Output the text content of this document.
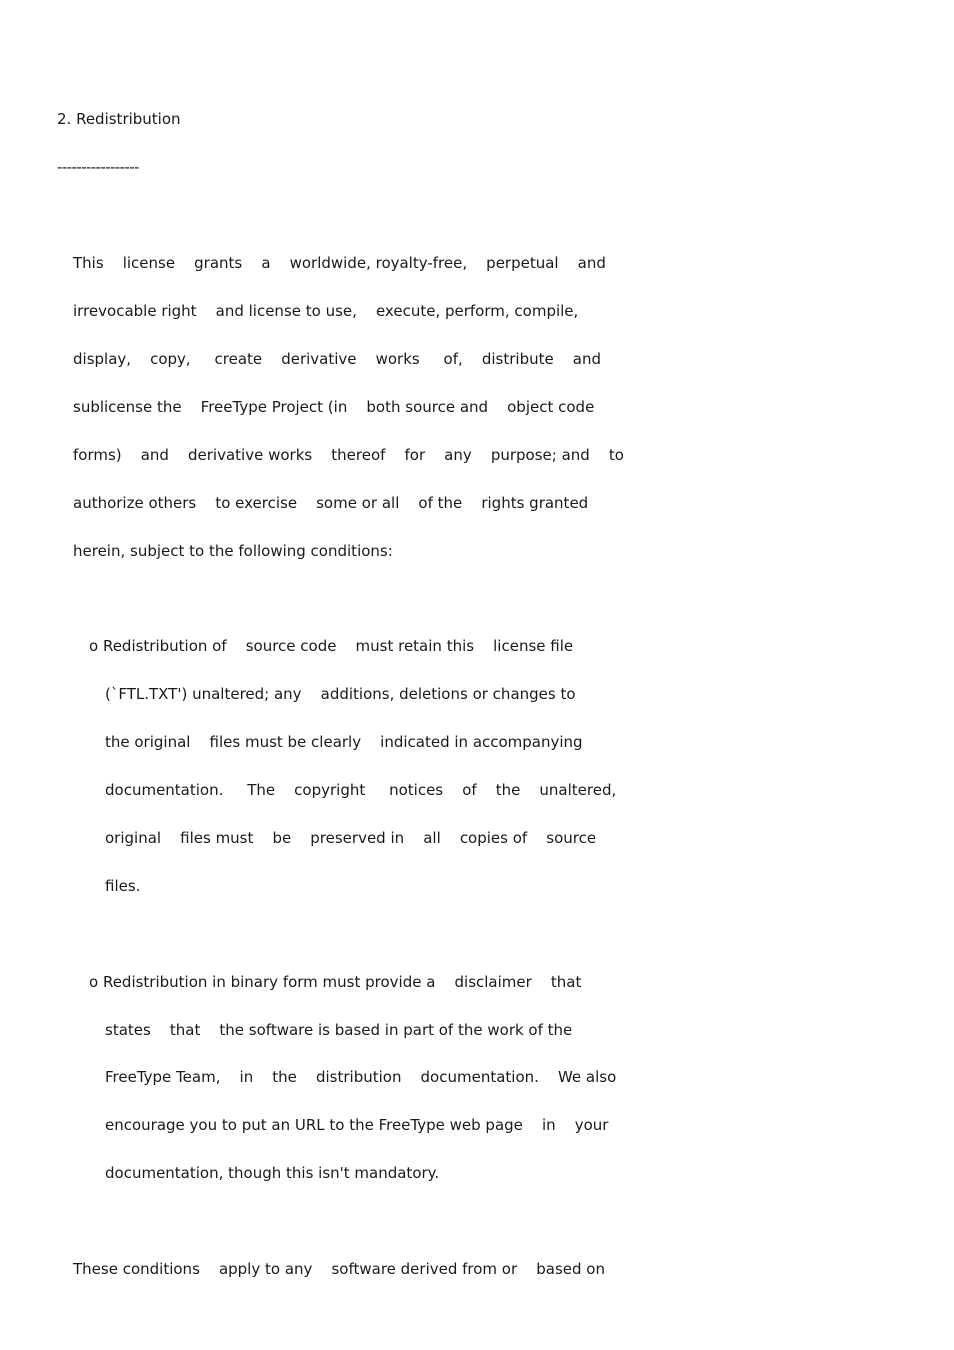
2. Redistribution
-----------------
This    license    grants    a    worldwide, royalty-free,    perpetual    and
irrevocable right    and license to use,    execute, perform, compile,
display,    copy,     create    derivative    works     of,    distribute    and
sublicense the    FreeType Project (in    both source and    object code
forms)    and    derivative works    thereof    for    any    purpose; and    to
authorize others    to exercise    some or all    of the    rights granted
herein, subject to the following conditions:
o Redistribution of    source code    must retain this    license file
(`FTL.TXT') unaltered; any    additions, deletions or changes to
the original    files must be clearly    indicated in accompanying
documentation.     The    copyright     notices    of    the    unaltered,
original    files must    be    preserved in    all    copies of    source
files.
o Redistribution in binary form must provide a    disclaimer    that
states    that    the software is based in part of the work of the
FreeType Team,    in    the    distribution    documentation.    We also
encourage you to put an URL to the FreeType web page    in    your
documentation, though this isn't mandatory.
These conditions    apply to any    software derived from or    based on
